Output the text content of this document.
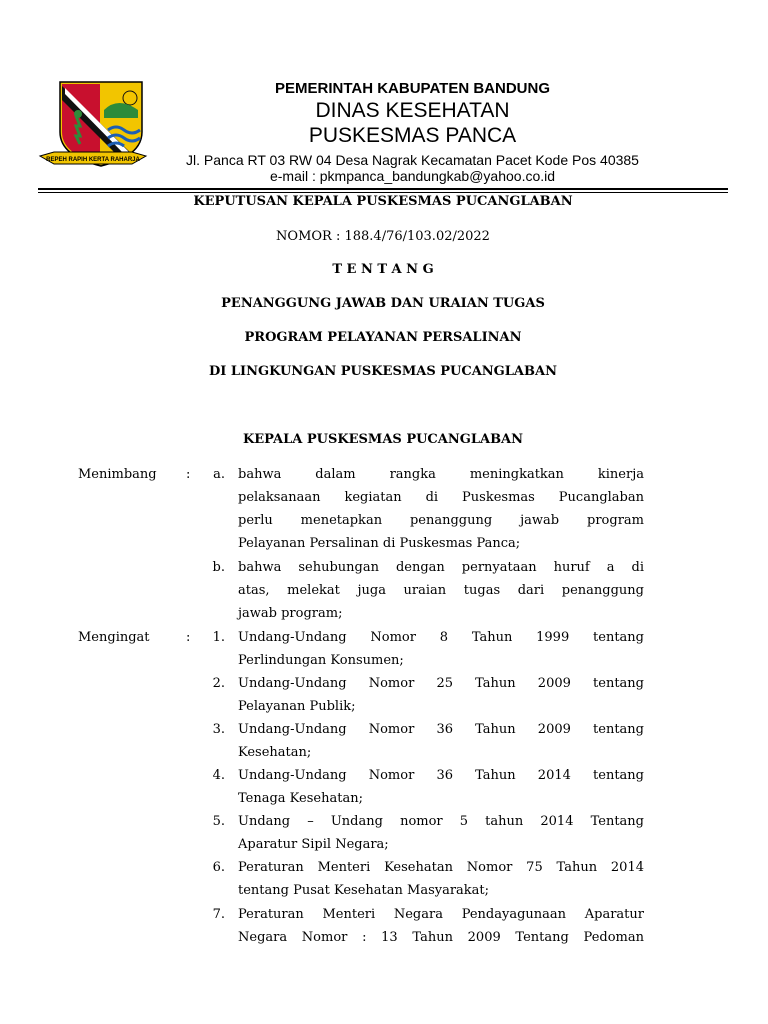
REPEH RAPIH KERTA RAHARJA
PEMERINTAH KABUPATEN BANDUNG
DINAS KESEHATAN
PUSKESMAS PANCA
Jl. Panca RT 03 RW 04 Desa Nagrak Kecamatan Pacet Kode Pos 40385
e-mail : pkmpanca_bandungkab@yahoo.co.id
KEPUTUSAN KEPALA PUSKESMAS PUCANGLABAN
NOMOR : 188.4/76/103.02/2022
T E N T A N G
PENANGGUNG JAWAB DAN URAIAN TUGAS
PROGRAM PELAYANAN PERSALINAN
DI LINGKUNGAN PUSKESMAS PUCANGLABAN
KEPALA PUSKESMAS PUCANGLABAN
Menimbang :	a. bahwa dalam rangka meningkatkan kinerja
pelaksanaan kegiatan di Puskesmas Pucanglaban
perlu menetapkan penanggung jawab program
Pelayanan Persalinan di Puskesmas Panca;
b. bahwa sehubungan dengan pernyataan huruf a di
atas, melekat juga uraian tugas dari penanggung
jawab program;
Mengingat	:	1. Undang-Undang Nomor 8 Tahun 1999 tentang
Perlindungan Konsumen;
2. Undang-Undang Nomor 25 Tahun 2009 tentang
Pelayanan Publik;
3. Undang-Undang Nomor 36 Tahun 2009 tentang
Kesehatan;
4. Undang-Undang Nomor 36 Tahun 2014 tentang
Tenaga Kesehatan;
5. Undang – Undang nomor 5 tahun 2014 Tentang
Aparatur Sipil Negara;
6. Peraturan Menteri Kesehatan Nomor 75 Tahun 2014
tentang Pusat Kesehatan Masyarakat;
7. Peraturan Menteri Negara Pendayagunaan Aparatur
Negara Nomor : 13 Tahun 2009 Tentang Pedoman
